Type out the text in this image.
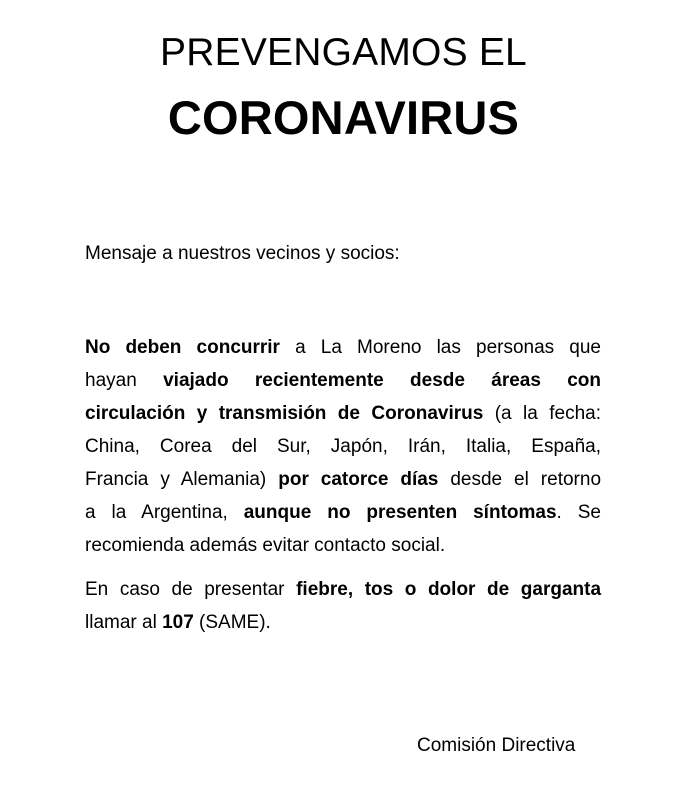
PREVENGAMOS EL
CORONAVIRUS
Mensaje a nuestros vecinos y socios:
No deben concurrir a La Moreno las personas que
hayan viajado recientemente desde áreas con
circulación y transmisión de Coronavirus (a la fecha:
China, Corea del Sur, Japón, Irán, Italia, España,
Francia y Alemania) por catorce días desde el retorno
a la Argentina, aunque no presenten síntomas. Se
recomienda además evitar contacto social.
En caso de presentar fiebre, tos o dolor de garganta
llamar al 107 (SAME).
Comisión Directiva
